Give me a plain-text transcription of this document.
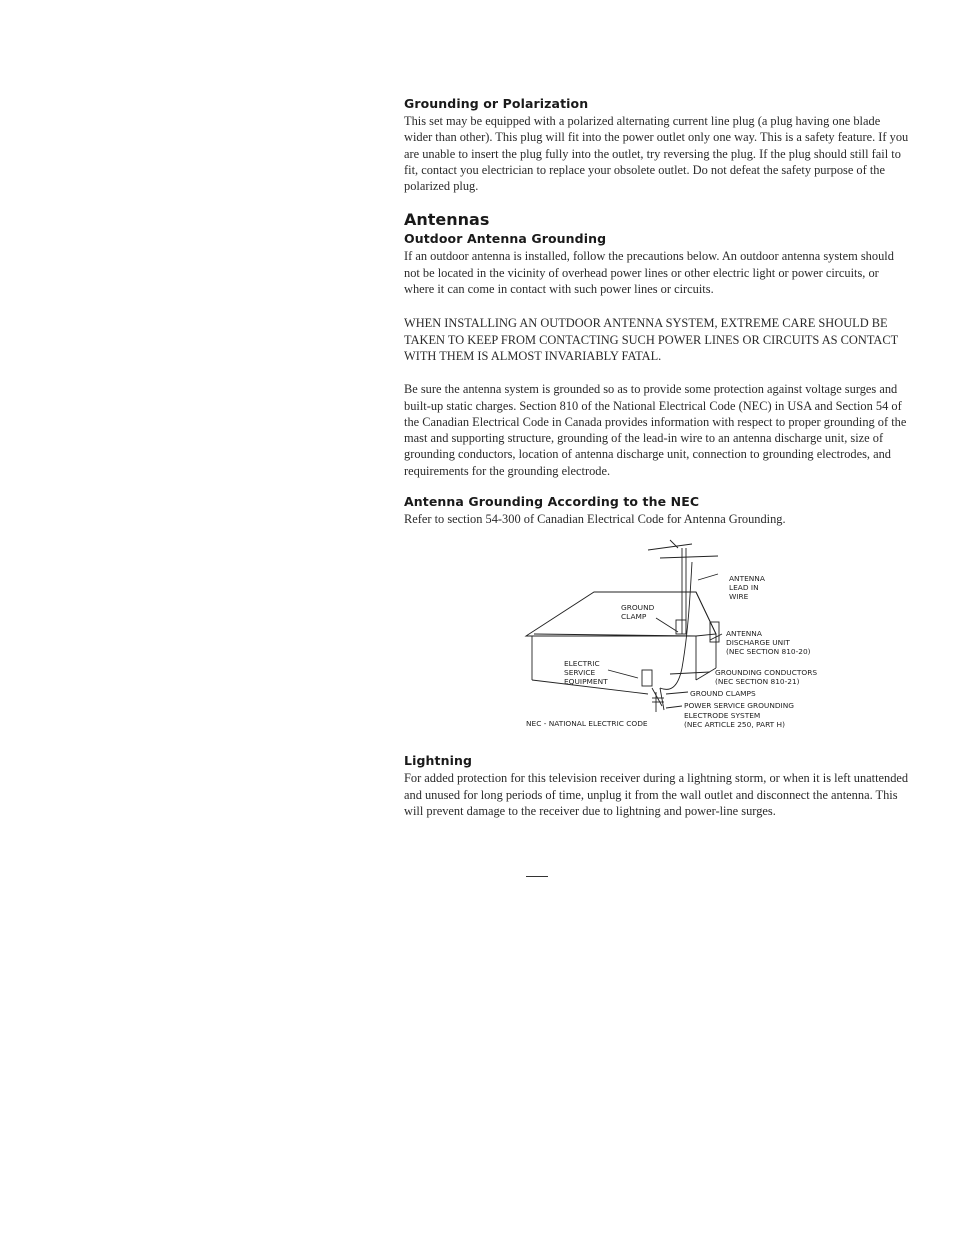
Grounding or Polarization

This set may be equipped with a polarized alternating current line plug (a plug having one blade wider than other). This plug will fit into the power outlet only one way. This is a safety feature. If you are unable to insert the plug fully into the outlet, try reversing the plug. If the plug should still fail to fit, contact you electrician to replace your obsolete outlet. Do not defeat the safety purpose of the polarized plug.

Antennas
Outdoor Antenna Grounding

If an outdoor antenna is installed, follow the precautions below. An outdoor antenna system should not be located in the vicinity of overhead power lines or other electric light or power circuits, or where it can come in contact with such power lines or circuits.

WHEN INSTALLING AN OUTDOOR ANTENNA SYSTEM, EXTREME CARE SHOULD BE TAKEN TO KEEP FROM CONTACTING SUCH POWER LINES OR CIRCUITS AS CONTACT WITH THEM IS ALMOST INVARIABLY FATAL.

Be sure the antenna system is grounded so as to provide some protection against voltage surges and built-up static charges. Section 810 of the National Electrical Code (NEC) in USA and Section 54 of the Canadian Electrical Code in Canada provides information with respect to proper grounding of the mast and supporting structure, grounding of the lead-in wire to an antenna discharge unit, size of grounding conductors, location of antenna discharge unit, connection to grounding electrodes, and requirements for the grounding electrode.

Antenna Grounding According to the NEC

Refer to section 54-300 of Canadian Electrical Code for Antenna Grounding.

Lightning

For added protection for this television receiver during a lightning storm, or when it is left unattended and unused for long periods of time, unplug it from the wall outlet and disconnect the antenna. This will prevent damage to the receiver due to lightning and power-line surges.

ANTENNA
LEAD IN
WIRE
GROUND
CLAMP
ANTENNA
DISCHARGE UNIT
(NEC SECTION 810-20)
ELECTRIC
SERVICE
EQUIPMENT
GROUNDING CONDUCTORS
(NEC SECTION 810-21)
GROUND CLAMPS
POWER SERVICE GROUNDING
ELECTRODE SYSTEM
(NEC ARTICLE 250, PART H)
NEC - NATIONAL ELECTRIC CODE
